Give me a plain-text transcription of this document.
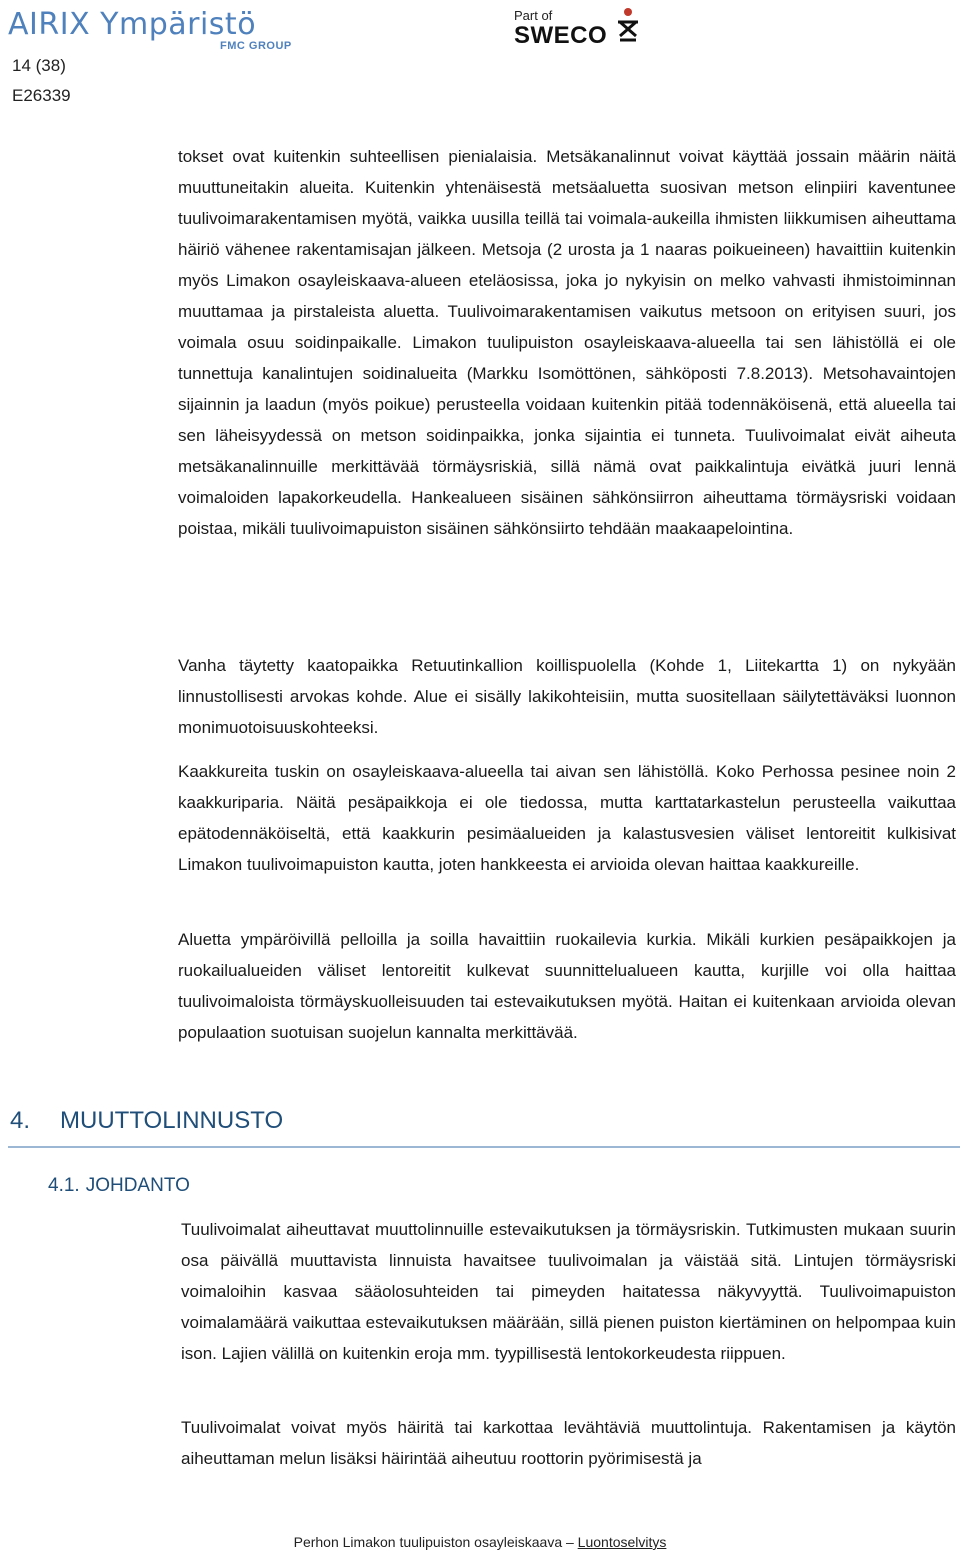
AIRIX Ympäristö
FMC GROUP
Part of
SWECO
14 (38)
E26339
tokset ovat kuitenkin suhteellisen pienialaisia. Metsäkanalinnut voivat käyttää jossain määrin näitä muuttuneitakin alueita. Kuitenkin yhtenäisestä metsäaluetta suosivan metson elinpiiri kaventunee tuulivoimarakentamisen myötä, vaikka uusilla teillä tai voimala-aukeilla ihmisten liikkumisen aiheuttama häiriö vähenee rakentamisajan jälkeen. Metsoja (2 urosta ja 1 naaras poikueineen) havaittiin kuitenkin myös Limakon osayleiskaava-alueen eteläosissa, joka jo nykyisin on melko vahvasti ihmistoiminnan muuttamaa ja pirstaleista aluetta. Tuulivoimarakentamisen vaikutus metsoon on erityisen suuri, jos voimala osuu soidinpaikalle. Limakon tuulipuiston osayleiskaava-alueella tai sen lähistöllä ei ole tunnettuja kanalintujen soidinalueita (Markku Isomöttönen, sähköposti 7.8.2013). Metsohavaintojen sijainnin ja laadun (myös poikue) perusteella voidaan kuitenkin pitää todennäköisenä, että alueella tai sen läheisyydessä on metson soidinpaikka, jonka sijaintia ei tunneta. Tuulivoimalat eivät aiheuta metsäkanalinnuille merkittävää törmäysriskiä, sillä nämä ovat paikkalintuja eivätkä juuri lennä voimaloiden lapakorkeudella. Hankealueen sisäinen sähkönsiirron aiheuttama törmäysriski voidaan poistaa, mikäli tuulivoimapuiston sisäinen sähkönsiirto tehdään maakaapelointina.
Vanha täytetty kaatopaikka Retuutinkallion koillispuolella (Kohde 1, Liitekartta 1) on nykyään linnustollisesti arvokas kohde. Alue ei sisälly lakikohteisiin, mutta suositellaan säilytettäväksi luonnon monimuotoisuuskohteeksi.
Kaakkureita tuskin on osayleiskaava-alueella tai aivan sen lähistöllä. Koko Perhossa pesinee noin 2 kaakkuriparia. Näitä pesäpaikkoja ei ole tiedossa, mutta karttatarkastelun perusteella vaikuttaa epätodennäköiseltä, että kaakkurin pesimäalueiden ja kalastusvesien väliset lentoreitit kulkisivat Limakon tuulivoimapuiston kautta, joten hankkeesta ei arvioida olevan haittaa kaakkureille.
Aluetta ympäröivillä pelloilla ja soilla havaittiin ruokailevia kurkia. Mikäli kurkien pesäpaikkojen ja ruokailualueiden väliset lentoreitit kulkevat suunnittelualueen kautta, kurjille voi olla haittaa tuulivoimaloista törmäyskuolleisuuden tai estevaikutuksen myötä. Haitan ei kuitenkaan arvioida olevan populaation suotuisan suojelun kannalta merkittävää.
4. MUUTTOLINNUSTO
4.1. JOHDANTO
Tuulivoimalat aiheuttavat muuttolinnuille estevaikutuksen ja törmäysriskin. Tutkimusten mukaan suurin osa päivällä muuttavista linnuista havaitsee tuulivoimalan ja väistää sitä. Lintujen törmäysriski voimaloihin kasvaa sääolosuhteiden tai pimeyden haitatessa näkyvyyttä. Tuulivoimapuiston voimalamäärä vaikuttaa estevaikutuksen määrään, sillä pienen puiston kiertäminen on helpompaa kuin ison. Lajien välillä on kuitenkin eroja mm. tyypillisestä lentokorkeudesta riippuen.
Tuulivoimalat voivat myös häiritä tai karkottaa levähtäviä muuttolintuja. Rakentamisen ja käytön aiheuttaman melun lisäksi häirintää aiheutuu roottorin pyörimisestä ja
Perhon Limakon tuulipuiston osayleiskaava – Luontoselvitys
